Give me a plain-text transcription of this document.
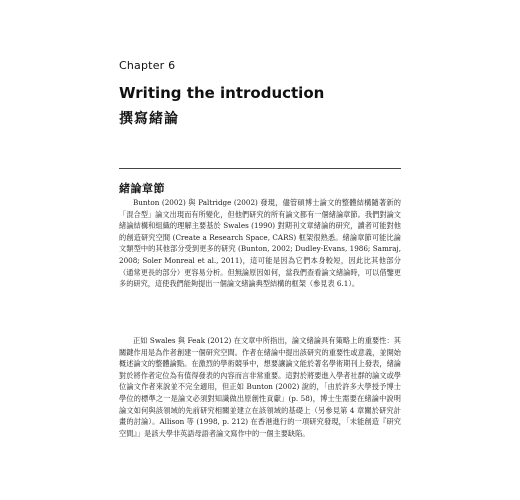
Chapter 6
Writing the introduction
撰寫緒論
緒論章節

Bunton (2002) 與 Paltridge (2002) 發現，儘管碩博士論文的整體結構隨著新的「混合型」論文出現而有所變化，但他們研究的所有論文都有一個緒論章節。我們對論文緒論結構和組織的理解主要基於 Swales (1990) 對期刊文章緒論的研究，讀者可能對他的創造研究空間 (Create a Research Space, CARS) 框架很熟悉。緒論章節可能比論文類型中的其他部分受到更多的研究 (Bunton, 2002; Dudley-Evans, 1986; Samraj, 2008; Soler Monreal et al., 2011)，這可能是因為它們本身較短，因此比其他部分（通常更長的部分）更容易分析。但無論原因如何，當我們查看論文緒論時，可以借鑒更多的研究，這使我們能夠提出一個論文緒論典型結構的框架（參見表 6.1）。

正如 Swales 與 Feak (2012) 在文章中所指出，論文緒論具有策略上的重要性：其關鍵作用是為作者創建一個研究空間。作者在緒論中提出該研究的重要性或意義，並開始概述論文的整體論點。在激烈的學術競爭中，想要讓論文能於著名學術期刊上發表，緒論對於將作者定位為有值得發表的內容而言非常重要。這對於將要進入學者社群的論文或學位論文作者來說並不完全適用，但正如 Bunton (2002) 說的，「由於許多大學授予博士學位的標準之一是論文必須對知識做出原創性貢獻」(p. 58)，博士生需要在緒論中說明論文如何與該領域的先前研究相關並建立在該領域的基礎上（另參見第 4 章關於研究計畫的討論）。Allison 等 (1998, p. 212) 在香港進行的一項研究發現，「未能創造『研究空間』」是該大學非英語母語者論文寫作中的一個主要缺陷。
